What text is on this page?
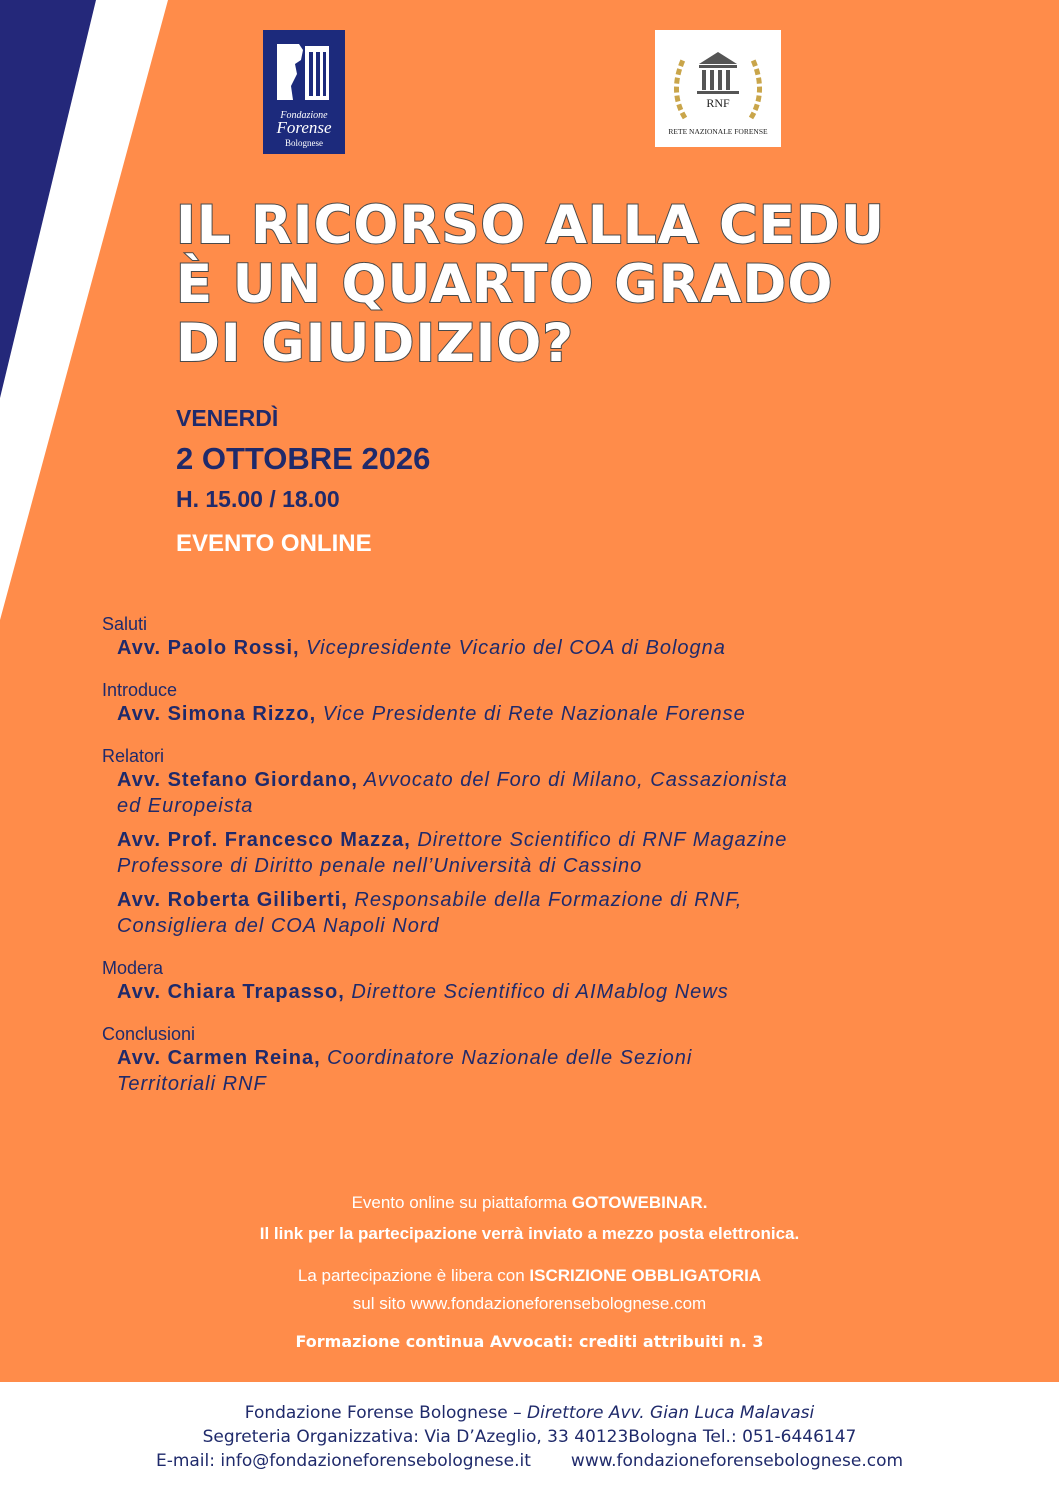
Fondazione
Forense
Bolognese
RNF
RETE NAZIONALE FORENSE
IL RICORSO ALLA CEDU
È UN QUARTO GRADO
DI GIUDIZIO?
VENERDÌ
2 OTTOBRE 2026
H. 15.00 / 18.00
EVENTO ONLINE

Saluti

Avv. Paolo Rossi, Vicepresidente Vicario del COA di Bologna

Introduce

Avv. Simona Rizzo, Vice Presidente di Rete Nazionale Forense

Relatori

Avv. Stefano Giordano, Avvocato del Foro di Milano, Cassazionista
ed Europeista

Avv. Prof. Francesco Mazza, Direttore Scientifico di RNF Magazine
Professore di Diritto penale nell’Università di Cassino

Avv. Roberta Giliberti, Responsabile della Formazione di RNF,
Consigliera del COA Napoli Nord

Modera

Avv. Chiara Trapasso, Direttore Scientifico di AIMablog News

Conclusioni

Avv. Carmen Reina, Coordinatore Nazionale delle Sezioni
Territoriali RNF

Evento online su piattaforma GOTOWEBINAR.
Il link per la partecipazione verrà inviato a mezzo posta elettronica.
La partecipazione è libera con ISCRIZIONE OBBLIGATORIA
sul sito www.fondazioneforensebolognese.com
Formazione continua Avvocati: crediti attribuiti n. 3
Fondazione Forense Bolognese – Direttore Avv. Gian Luca Malavasi
Segreteria Organizzativa: Via D’Azeglio, 33 40123Bologna Tel.: 051-6446147
E-mail: info@fondazioneforensebolognese.it www.fondazioneforensebolognese.com
